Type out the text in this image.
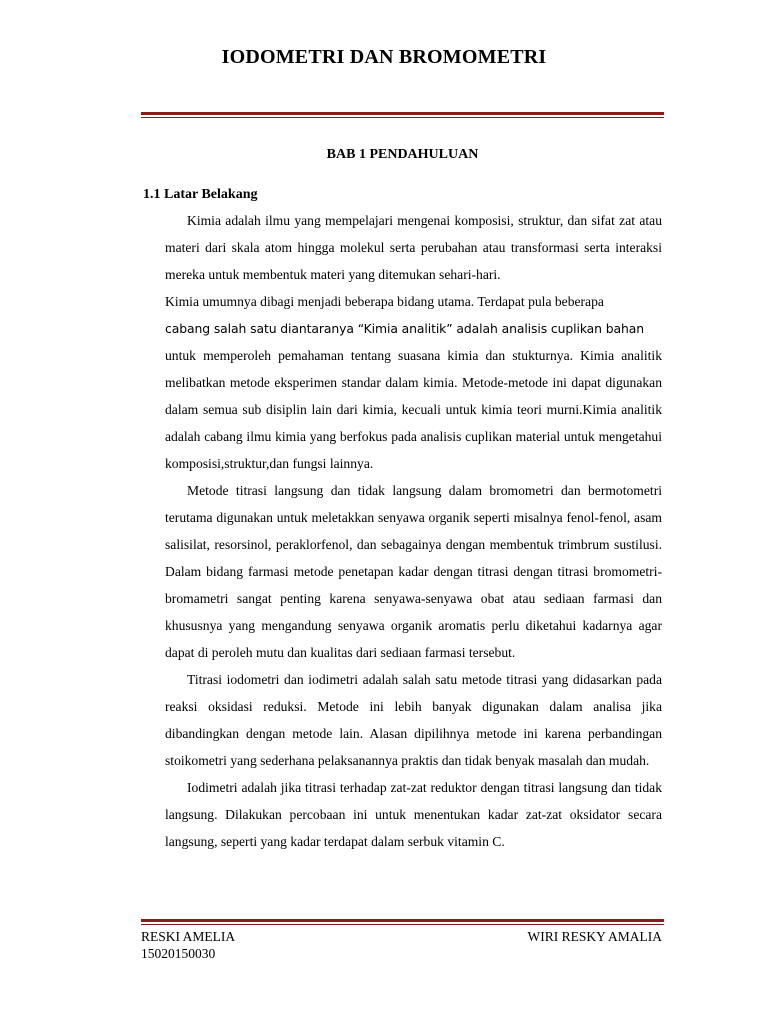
IODOMETRI DAN BROMOMETRI
BAB 1 PENDAHULUAN
1.1 Latar Belakang

Kimia adalah ilmu yang mempelajari mengenai komposisi, struktur, dan sifat zat atau materi dari skala atom hingga molekul serta perubahan atau transformasi serta interaksi mereka untuk membentuk materi yang ditemukan sehari-hari.

Kimia umumnya dibagi menjadi beberapa bidang utama. Terdapat pula beberapa

cabang salah satu diantaranya “Kimia analitik” adalah analisis cuplikan bahan

untuk memperoleh pemahaman tentang suasana kimia dan stukturnya. Kimia analitik melibatkan metode eksperimen standar dalam kimia. Metode-metode ini dapat digunakan dalam semua sub disiplin lain dari kimia, kecuali untuk kimia teori murni.Kimia analitik adalah cabang ilmu kimia yang berfokus pada analisis cuplikan material untuk mengetahui komposisi,struktur,dan fungsi lainnya.

Metode titrasi langsung dan tidak langsung dalam bromometri dan bermotometri terutama digunakan untuk meletakkan senyawa organik seperti misalnya fenol-fenol, asam salisilat, resorsinol, peraklorfenol, dan sebagainya dengan membentuk trimbrum sustilusi. Dalam bidang farmasi metode penetapan kadar dengan titrasi dengan titrasi bromometri-bromametri sangat penting karena senyawa-senyawa obat atau sediaan farmasi dan khususnya yang mengandung senyawa organik aromatis perlu diketahui kadarnya agar dapat di peroleh mutu dan kualitas dari sediaan farmasi tersebut.

Titrasi iodometri dan iodimetri adalah salah satu metode titrasi yang didasarkan pada reaksi oksidasi reduksi. Metode ini lebih banyak digunakan dalam analisa jika dibandingkan dengan metode lain. Alasan dipilihnya metode ini karena perbandingan stoikometri yang sederhana pelaksanannya praktis dan tidak benyak masalah dan mudah.

Iodimetri adalah jika titrasi terhadap zat-zat reduktor dengan titrasi langsung dan tidak langsung. Dilakukan percobaan ini untuk menentukan kadar zat-zat oksidator secara langsung, seperti yang kadar terdapat dalam serbuk vitamin C.

RESKI AMELIA
15020150030
WIRI RESKY AMALIA
